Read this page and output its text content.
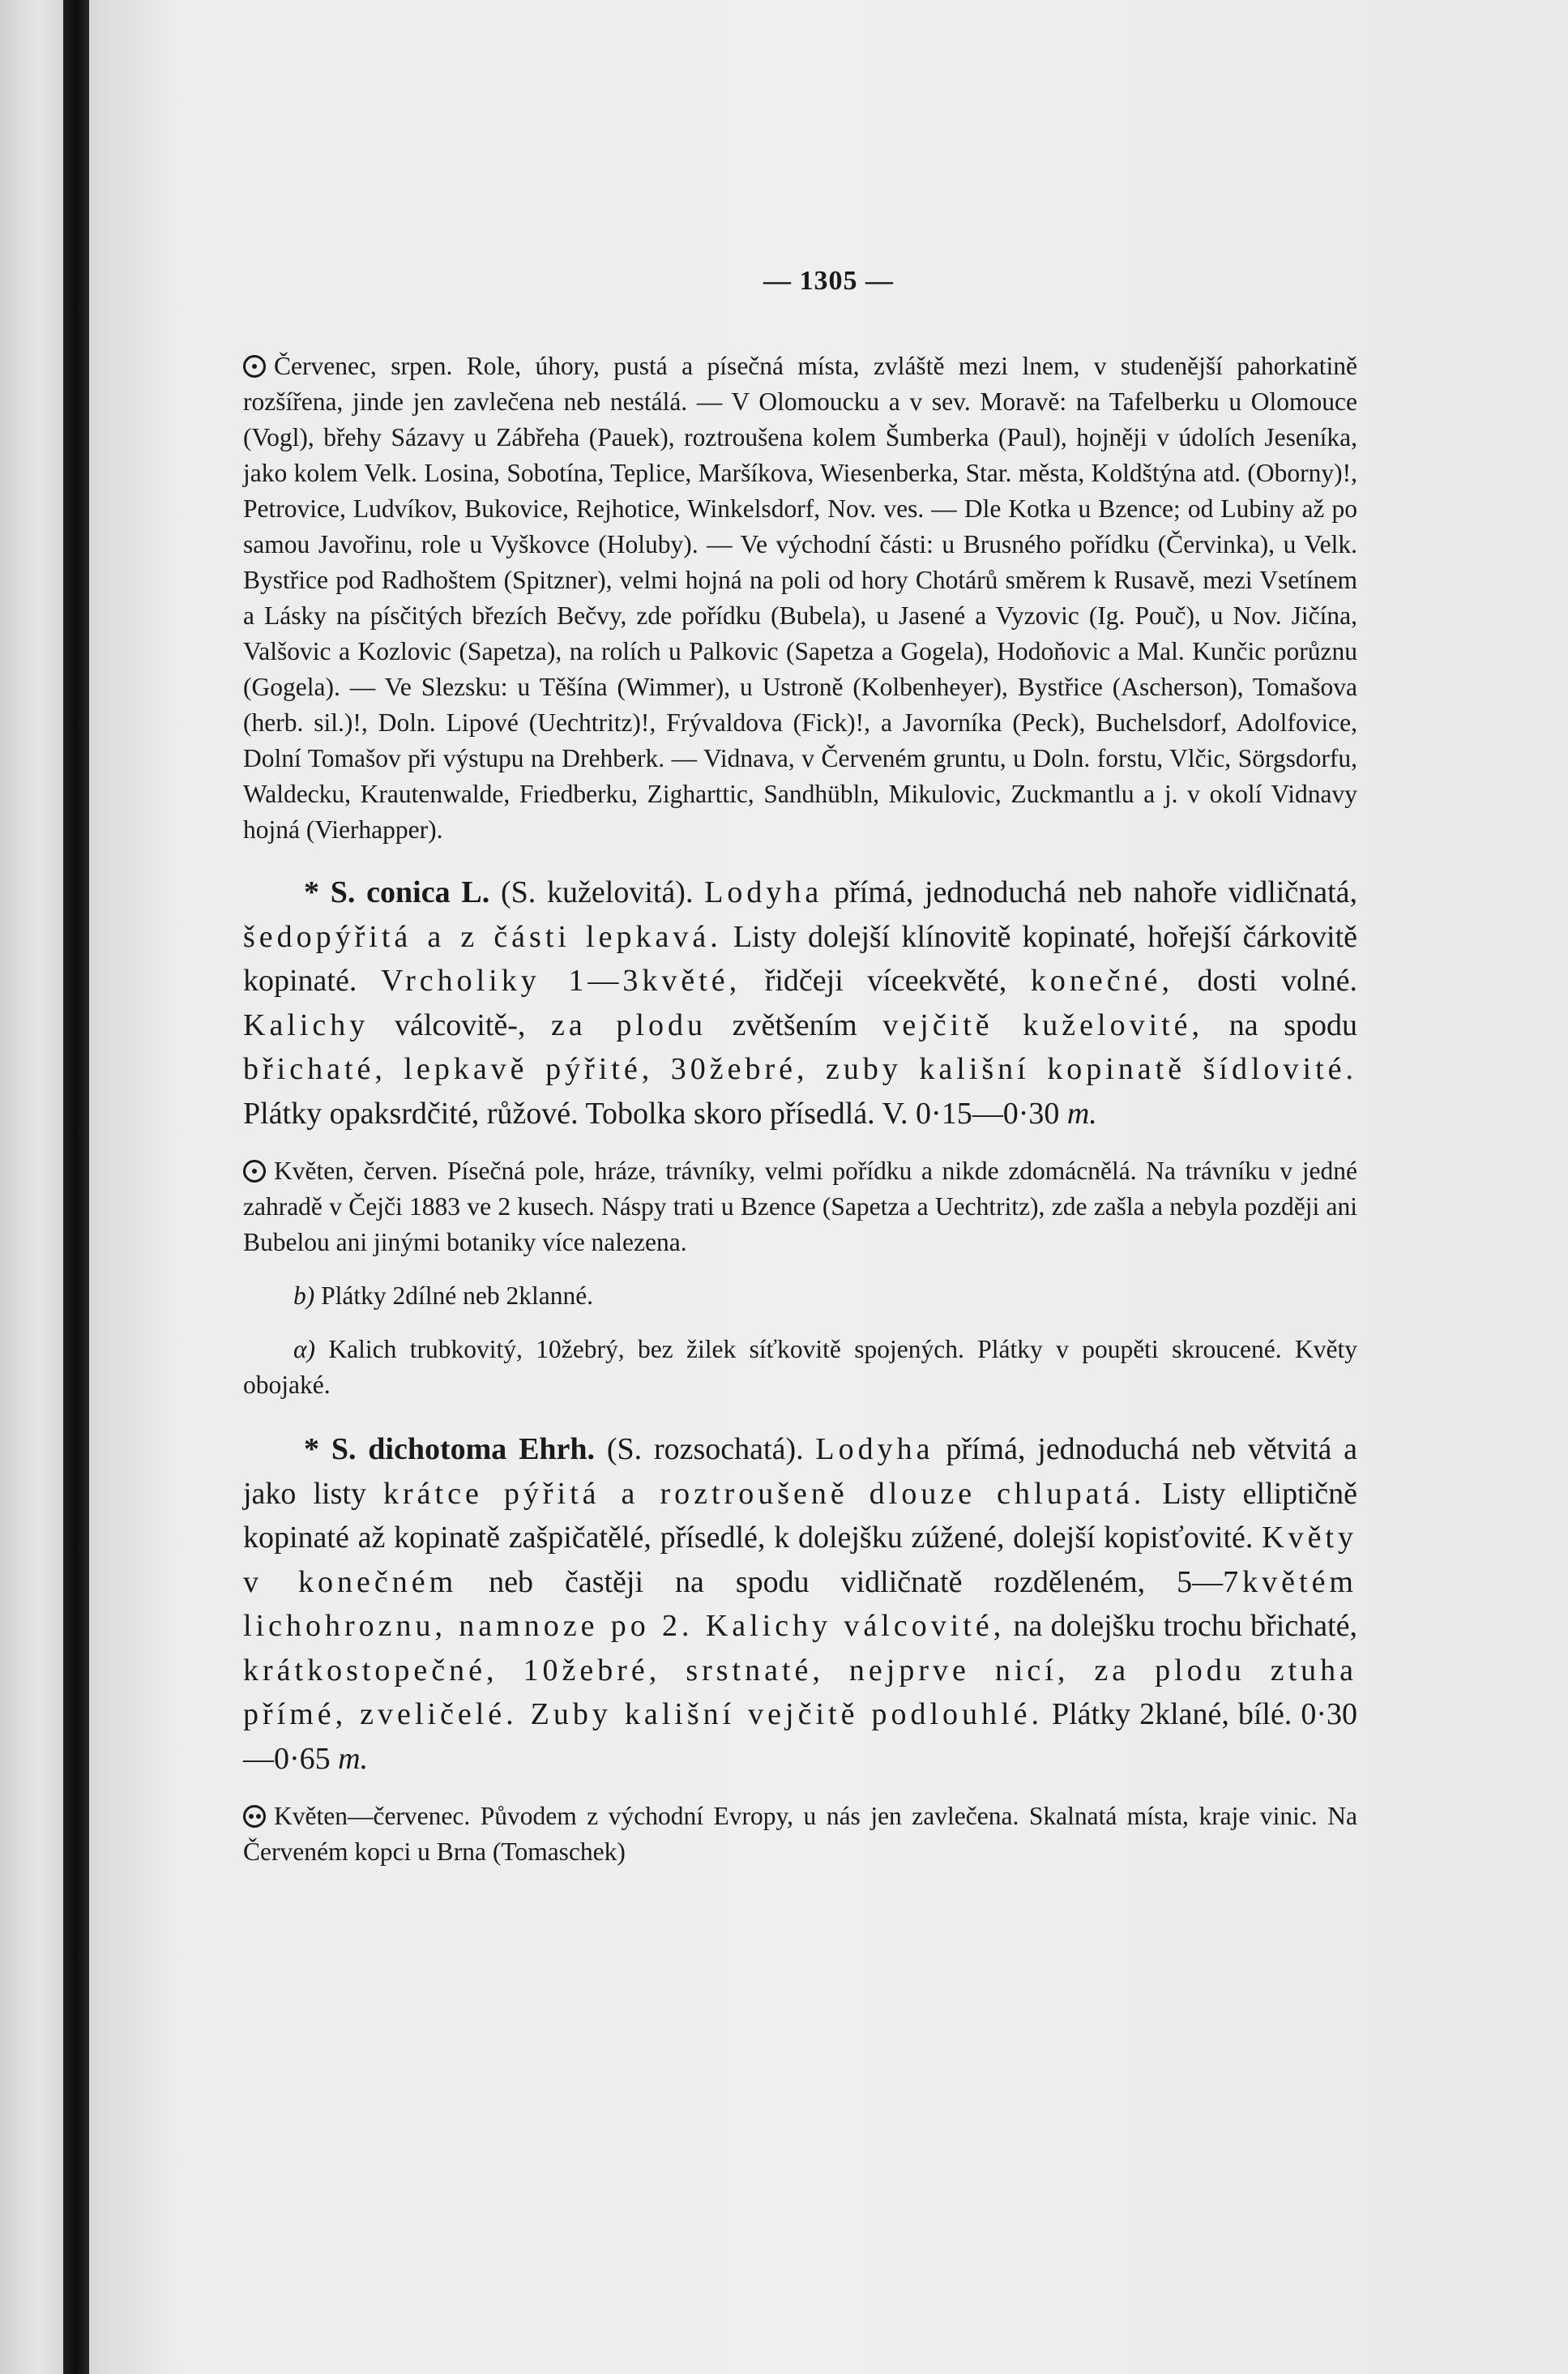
— 1305 —

Červenec, srpen. Role, úhory, pustá a písečná místa, zvláště mezi lnem, v studenější pahorkatině rozšířena, jinde jen zavlečena neb nestálá. — V Olomoucku a v sev. Moravě: na Tafelberku u Olomouce (Vogl), břehy Sázavy u Zábřeha (Pauek), roztroušena kolem Šumberka (Paul), hojněji v údolích Jeseníka, jako kolem Velk. Losina, Sobotína, Teplice, Maršíkova, Wiesenberka, Star. města, Koldštýna atd. (Oborny)!, Petrovice, Ludvíkov, Bukovice, Rejhotice, Winkelsdorf, Nov. ves. — Dle Kotka u Bzence; od Lubiny až po samou Javořinu, role u Vyškovce (Holuby). — Ve východní části: u Brusného pořídku (Červinka), u Velk. Bystřice pod Radhoštem (Spitzner), velmi hojná na poli od hory Chotárů směrem k Rusavě, mezi Vsetínem a Lásky na písčitých březích Bečvy, zde pořídku (Bubela), u Jasené a Vyzovic (Ig. Pouč), u Nov. Jičína, Valšovic a Kozlovic (Sapetza), na rolích u Palkovic (Sapetza a Gogela), Hodoňovic a Mal. Kunčic porůznu (Gogela). — Ve Slezsku: u Těšína (Wimmer), u Ustroně (Kolbenheyer), Bystřice (Ascherson), Tomašova (herb. sil.)!, Doln. Lipové (Uechtritz)!, Frývaldova (Fick)!, a Javorníka (Peck), Buchelsdorf, Adolfovice, Dolní Tomašov při výstupu na Drehberk. — Vidnava, v Červeném gruntu, u Doln. forstu, Vlčic, Sörgsdorfu, Waldecku, Krautenwalde, Friedberku, Zigharttic, Sandhübln, Mikulovic, Zuckmantlu a j. v okolí Vidnavy hojná (Vierhapper).

* S. conica L. (S. kuželovitá). Lodyha přímá, jednoduchá neb nahoře vidličnatá, šedopýřitá a z části lepkavá. Listy dolejší klínovitě kopinaté, hořejší čárkovitě kopinaté. Vrcholiky 1—3květé, řidčeji víceekvěté, konečné, dosti volné. Kalichy válcovitě-, za plodu zvětšením vejčitě kuželovité, na spodu břichaté, lepkavě pýřité, 30žebré, zuby kališní kopinatě šídlovité. Plátky opaksrdčité, růžové. Tobolka skoro přísedlá. V. 0·15—0·30 m.

Květen, červen. Písečná pole, hráze, trávníky, velmi pořídku a nikde zdomácnělá. Na trávníku v jedné zahradě v Čejči 1883 ve 2 kusech. Náspy trati u Bzence (Sapetza a Uechtritz), zde zašla a nebyla později ani Bubelou ani jinými botaniky více nalezena.

b) Plátky 2dílné neb 2klanné.

α) Kalich trubkovitý, 10žebrý, bez žilek síťkovitě spojených. Plátky v poupěti skroucené. Květy obojaké.

* S. dichotoma Ehrh. (S. rozsochatá). Lodyha přímá, jednoduchá neb větvitá a jako listy krátce pýřitá a roztroušeně dlouze chlupatá. Listy elliptičně kopinaté až kopinatě zašpičatělé, přísedlé, k dolejšku zúžené, dolejší kopisťovité. Květy v konečném neb častěji na spodu vidličnatě rozděleném, 5—7květém lichohroznu, namnoze po 2. Kalichy válcovité, na dolejšku trochu břichaté, krátkostopečné, 10žebré, srstnaté, nejprve nicí, za plodu ztuha přímé, zveličelé. Zuby kališní vejčitě podlouhlé. Plátky 2klané, bílé. 0·30—0·65 m.

Květen—červenec. Původem z východní Evropy, u nás jen zavlečena. Skalnatá místa, kraje vinic. Na Červeném kopci u Brna (Tomaschek)
